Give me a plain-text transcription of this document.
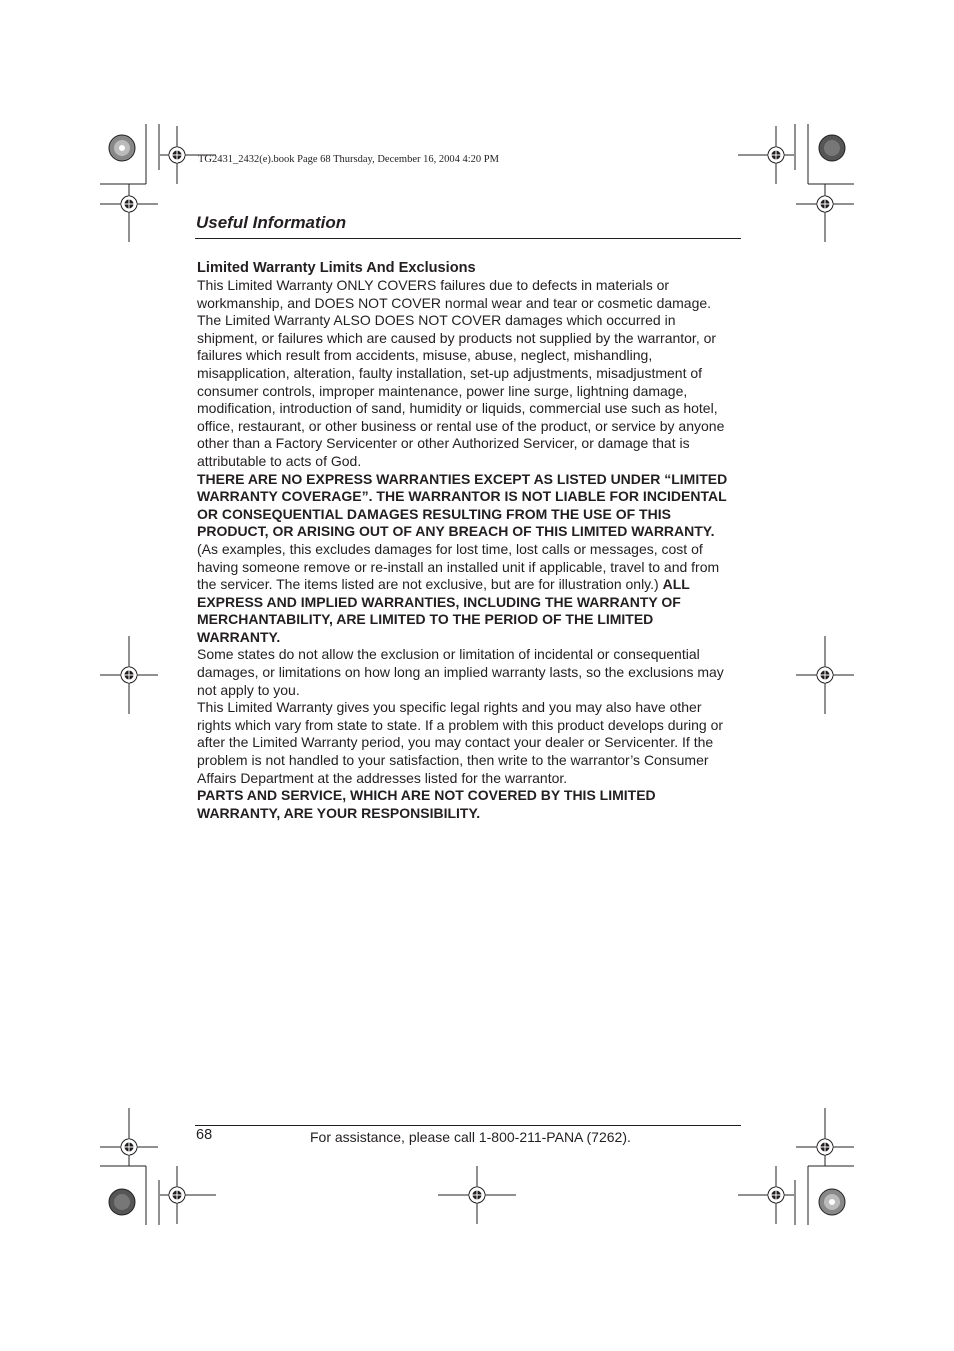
TG2431_2432(e).book Page 68 Thursday, December 16, 2004 4:20 PM
Useful Information
Limited Warranty Limits And Exclusions

This Limited Warranty ONLY COVERS failures due to defects in materials or workmanship, and DOES NOT COVER normal wear and tear or cosmetic damage. The Limited Warranty ALSO DOES NOT COVER damages which occurred in shipment, or failures which are caused by products not supplied by the warrantor, or failures which result from accidents, misuse, abuse, neglect, mishandling, misapplication, alteration, faulty installation, set-up adjustments, misadjustment of consumer controls, improper maintenance, power line surge, lightning damage, modification, introduction of sand, humidity or liquids, commercial use such as hotel, office, restaurant, or other business or rental use of the product, or service by anyone other than a Factory Servicenter or other Authorized Servicer, or damage that is attributable to acts of God.

THERE ARE NO EXPRESS WARRANTIES EXCEPT AS LISTED UNDER “LIMITED WARRANTY COVERAGE”. THE WARRANTOR IS NOT LIABLE FOR INCIDENTAL OR CONSEQUENTIAL DAMAGES RESULTING FROM THE USE OF THIS PRODUCT, OR ARISING OUT OF ANY BREACH OF THIS LIMITED WARRANTY. (As examples, this excludes damages for lost time, lost calls or messages, cost of having someone remove or re-install an installed unit if applicable, travel to and from the servicer. The items listed are not exclusive, but are for illustration only.) ALL EXPRESS AND IMPLIED WARRANTIES, INCLUDING THE WARRANTY OF MERCHANTABILITY, ARE LIMITED TO THE PERIOD OF THE LIMITED WARRANTY.

Some states do not allow the exclusion or limitation of incidental or consequential damages, or limitations on how long an implied warranty lasts, so the exclusions may not apply to you.

This Limited Warranty gives you specific legal rights and you may also have other rights which vary from state to state. If a problem with this product develops during or after the Limited Warranty period, you may contact your dealer or Servicenter. If the problem is not handled to your satisfaction, then write to the warrantor’s Consumer Affairs Department at the addresses listed for the warrantor.

PARTS AND SERVICE, WHICH ARE NOT COVERED BY THIS LIMITED WARRANTY, ARE YOUR RESPONSIBILITY.

68	For assistance, please call 1-800-211-PANA (7262).
